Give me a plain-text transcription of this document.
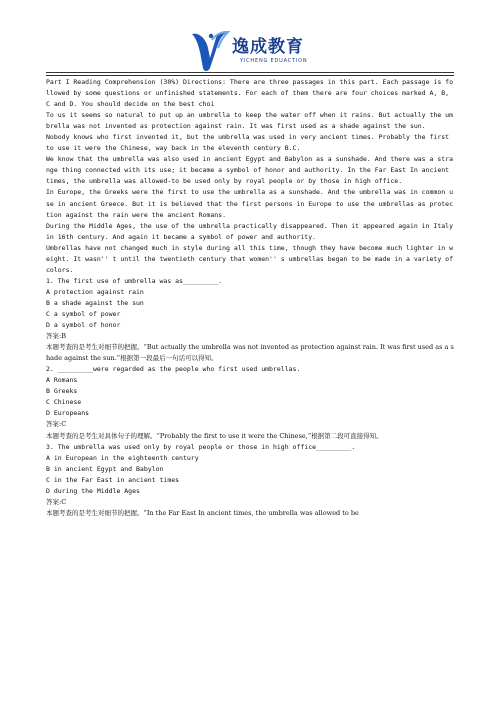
逸成教育
YICHENG EDUACTION

Part I Reading Comprehension (30%) Directions: There are three passages in this part. Each passage is followed by some questions or unfinished statements. For each of them there are four choices marked A, B, C and D. You should decide on the best choi

To us it seems so natural to put up an umbrella to keep the water off when it rains. But actually the umbrella was not invented as protection against rain. It was first used as a shade against the sun.

Nobody knows who first invented it, but the umbrella was used in very ancient times. Probably the first to use it were the Chinese, way back in the eleventh century B.C.

We know that the umbrella was also used in ancient Egypt and Babylon as a sunshade. And there was a strange thing connected with its use; it became a symbol of honor and authority. In the Far East In ancient times, the umbrella was allowed-to be used only by royal people or by those in high office.

In Europe, the Greeks were the first to use the umbrella as a sunshade. And the umbrella was in common use in ancient Greece. But it is believed that the first persons in Europe to use the umbrellas as protection against the rain were the ancient Romans.

During the Middle Ages, the use of the umbrella practically disappeared. Then it appeared again in Italy in 16th century. And again it became a symbol of power and authority.

Umbrellas have not changed much in style during all this time, though they have become much lighter in weight. It wasn'' t until the twentieth century that women'' s umbrellas began to be made in a variety of colors.

1. The first use of umbrella was as_________.

A protection against rain

B a shade against the sun

C a symbol of power

D a symbol of honor

答案:B

本题考查的是考生对细节的把握。“But actually the umbrella was not invented as protection against rain. It was first used as a shade against the sun.”根据第一段最后一句话可以得知。

2. _________were regarded as the people who first used umbrellas.

A Romans

B Greeks

C Chinese

D Europeans

答案:C

本题考查的是考生对具体句子的理解。“Probably the first to use it were the Chinese,”根据第二段可直接得知。

3. The umbrella was used only by royal people or those in high office_________.

A in European in the eighteenth century

B in ancient Egypt and Babylon

C in the Far East in ancient times

D during the Middle Ages

答案:C

本题考查的是考生对细节的把握。“In the Far East In ancient times, the umbrella was allowed to be
